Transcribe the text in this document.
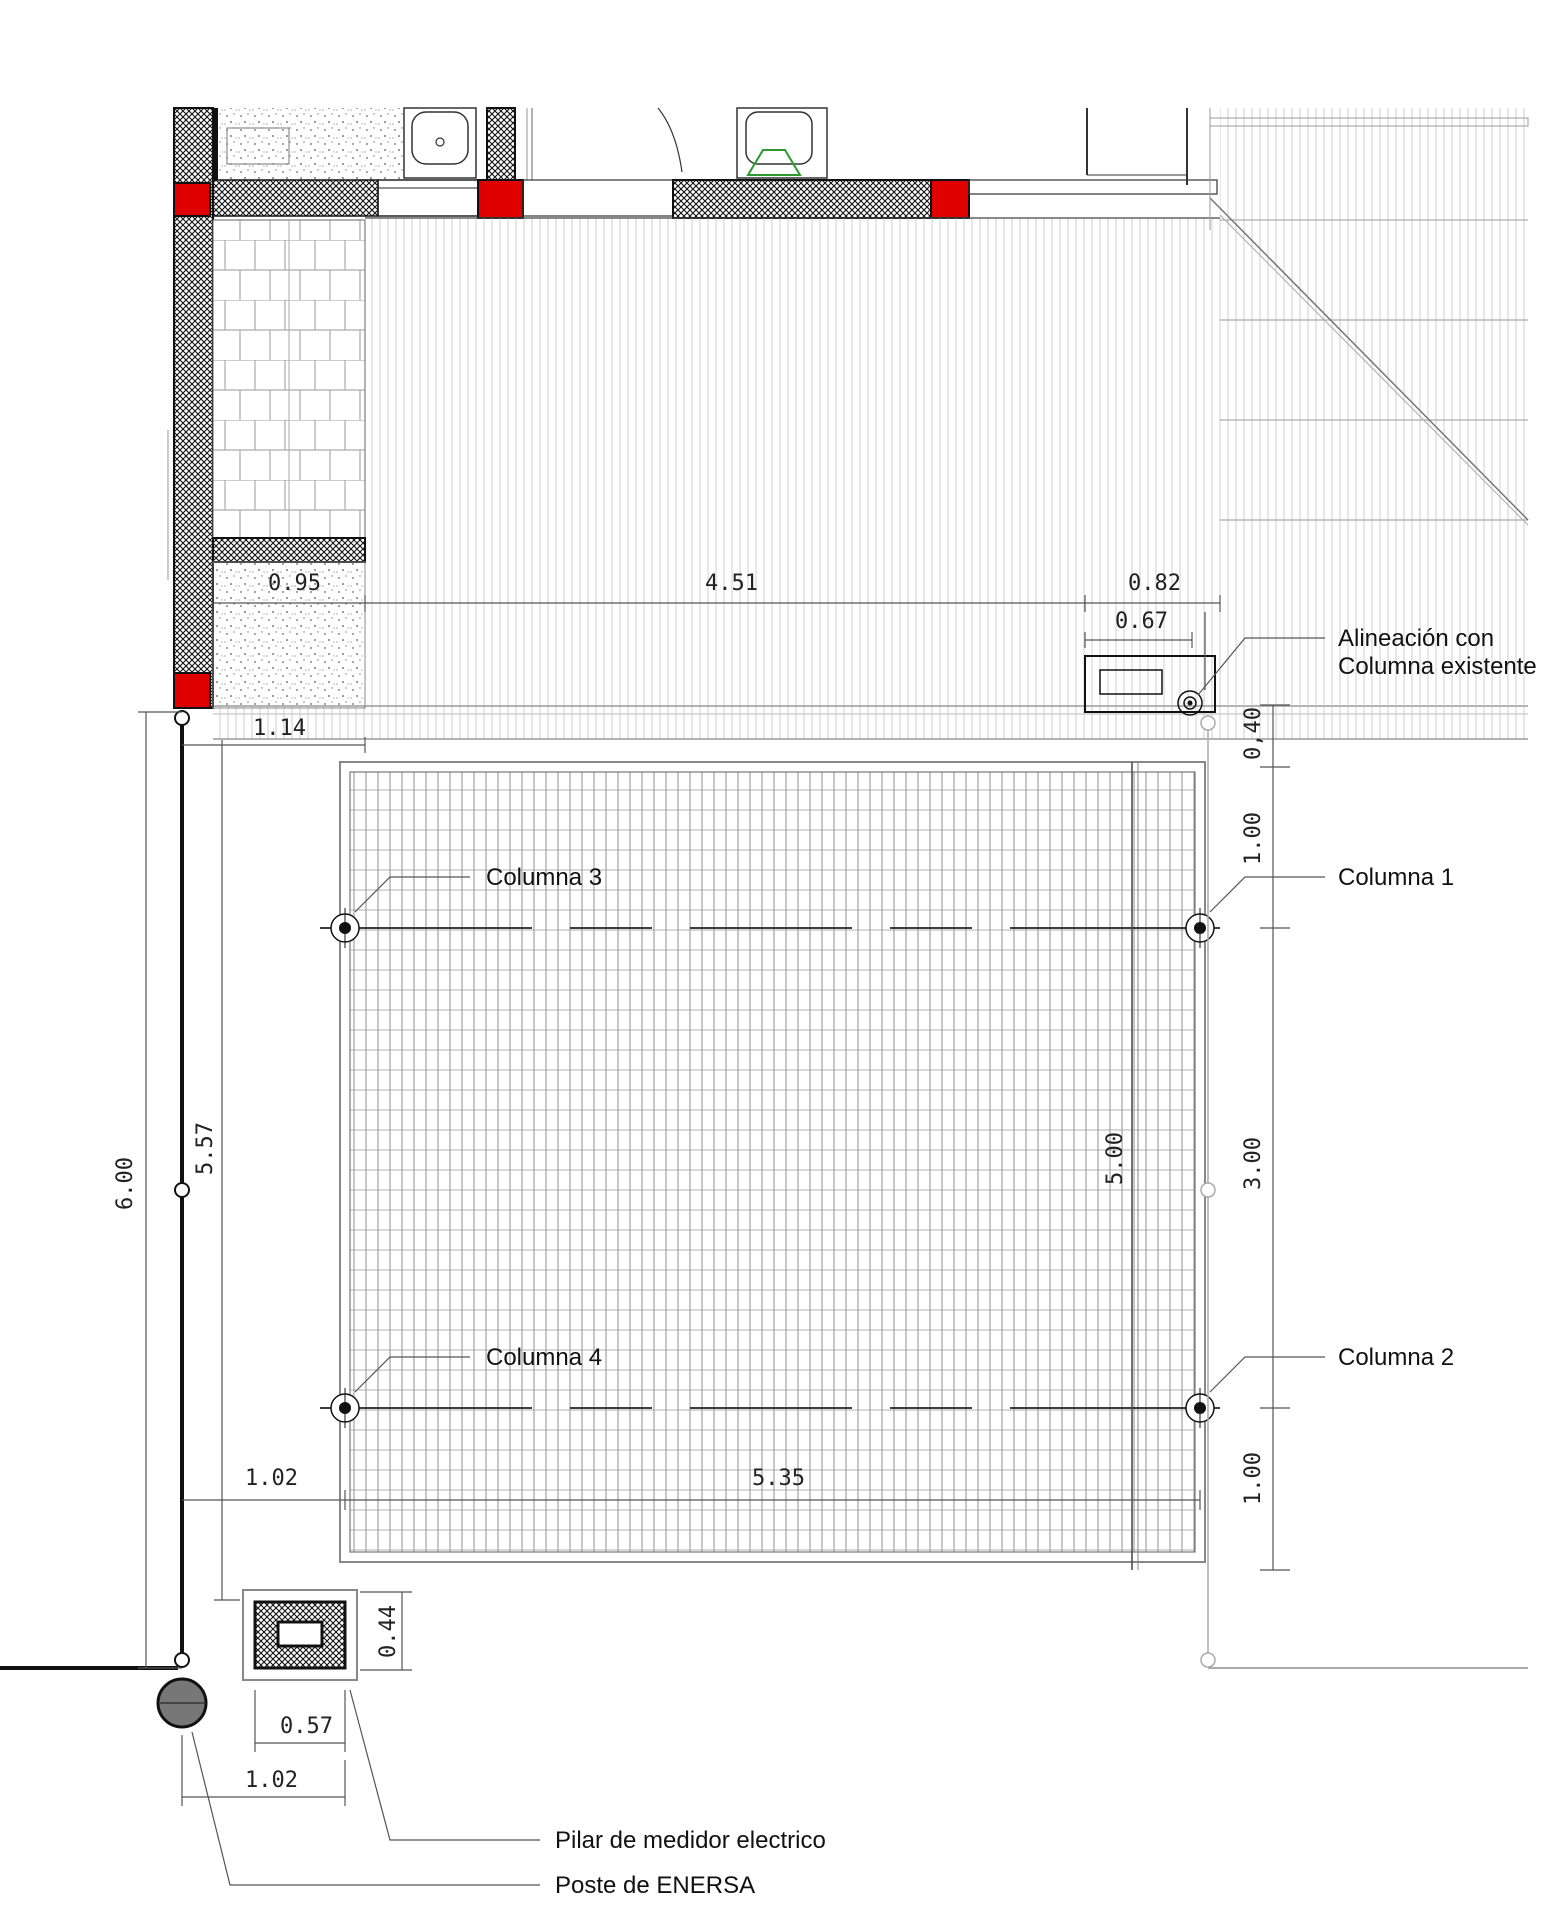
0.95	4.51	0.82
0.67
1.14	0,40
1.00
3.00
1.00
5.00
5.57
6.00
1.02	5.35
0.44
0.57
1.02
Alineación con
Columna existente
Columna 1
Columna 2
Columna 3
Columna 4
Pilar de medidor electrico
Poste de ENERSA
